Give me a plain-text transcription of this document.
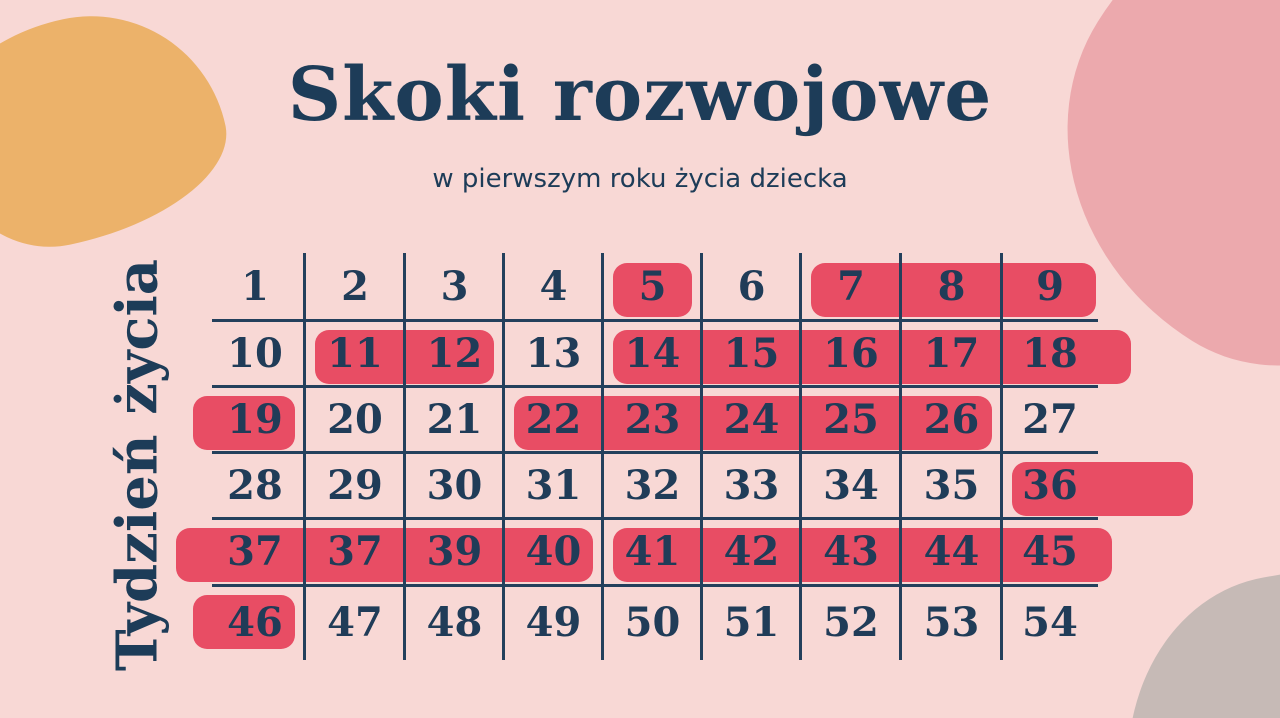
Skoki rozwojowe
w pierwszym roku życia dziecka
Tydzień życia	1	2	3	4	5	6	7	8	9
10	11	12	13	14	15	16	17	18
19	20	21	22	23	24	25	26	27
28	29	30	31	32	33	34	35	36
37	37	39	40	41	42	43	44	45
46	47	48	49	50	51	52	53	54
